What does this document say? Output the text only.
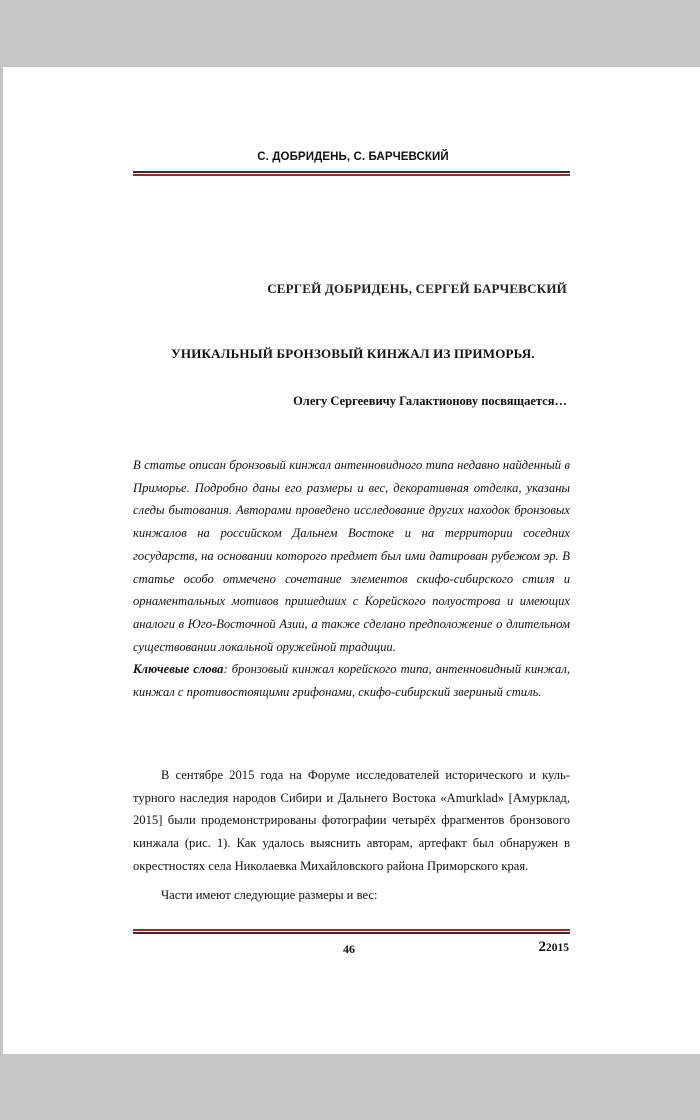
С. ДОБРИДЕНЬ, С. БАРЧЕВСКИЙ
СЕРГЕЙ ДОБРИДЕНЬ, СЕРГЕЙ БАРЧЕВСКИЙ
УНИКАЛЬНЫЙ БРОНЗОВЫЙ КИНЖАЛ ИЗ ПРИМОРЬЯ.
Олегу Сергеевичу Галактионову посвящается…

В статье описан бронзовый кинжал антенновидного типа недавно найденный в Приморье. Подробно даны его размеры и вес, декоративная отделка, указаны следы бытования. Авторами проведено исследование других находок бронзовых кинжалов на российском Дальнем Востоке и на территории соседних государств, на основании которого предмет был ими датирован рубежом эр. В статье особо отмечено сочетание элементов скифо-сибирского стиля и орнаментальных мотивов пришедших с Корейского полуострова и имеющих аналоги в Юго-Восточной Азии, а также сделано предположение о длительном существовании локальной оружейной традиции.

Ключевые слова: бронзовый кинжал корейского типа, антенновидный кинжал, кинжал с противостоящими грифонами, скифо-сибирский звериный стиль.

В сентябре 2015 года на Форуме исследователей исторического и культурного наследия народов Сибири и Дальнего Востока «Amurklad» [Амурклад, 2015] были продемонстрированы фотографии четырёх фрагментов бронзового кинжала (рис. 1). Как удалось выяснить авторам, артефакт был обнаружен в окрестностях села Николаевка Михайловского района Приморского края.

Части имеют следующие размеры и вес:

46	22015
